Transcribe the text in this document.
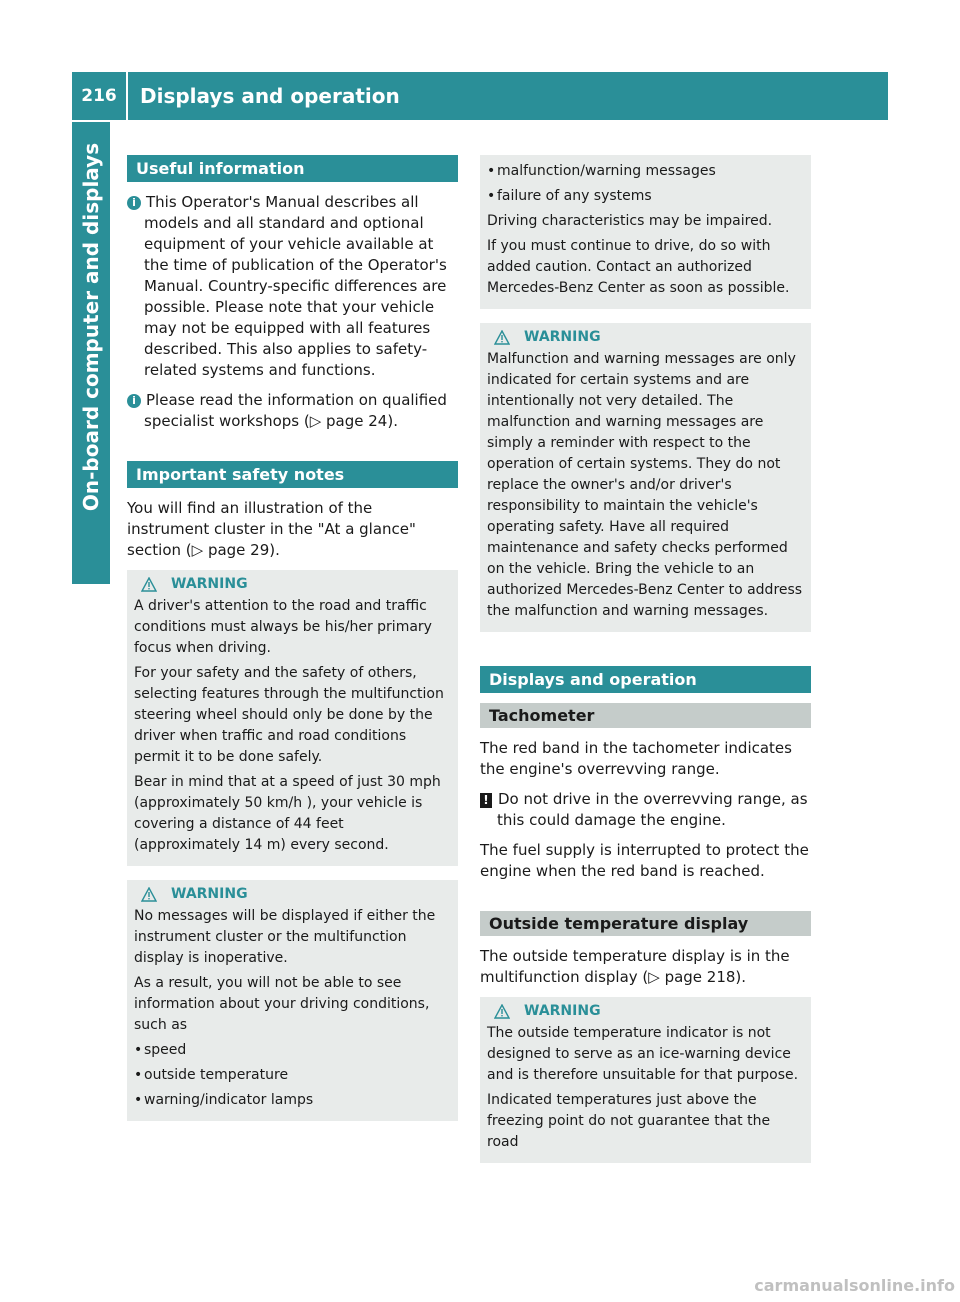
216	Displays and operation
On-board computer and displays	Useful information

i This Operator's Manual describes all models and all standard and optional equipment of your vehicle available at the time of publication of the Operator's Manual. Country-specific differences are possible. Please note that your vehicle may not be equipped with all features described. This also applies to safety-related systems and functions.

i Please read the information on qualified specialist workshops (▷ page 24).

Important safety notes

You will find an illustration of the instrument cluster in the "At a glance" section (▷ page 29).

WARNING

A driver's attention to the road and traffic conditions must always be his/her primary focus when driving.

For your safety and the safety of others, selecting features through the multifunction steering wheel should only be done by the driver when traffic and road conditions permit it to be done safely.

Bear in mind that at a speed of just 30 mph (approximately 50 km/h ), your vehicle is covering a distance of 44 feet (approximately 14 m) every second.

WARNING

No messages will be displayed if either the instrument cluster or the multifunction display is inoperative.

As a result, you will not be able to see information about your driving conditions, such as

• speed
• outside temperature
• warning/indicator lamps
• malfunction/warning messages
• failure of any systems

Driving characteristics may be impaired.

If you must continue to drive, do so with added caution. Contact an authorized Mercedes-Benz Center as soon as possible.

WARNING

Malfunction and warning messages are only indicated for certain systems and are intentionally not very detailed. The malfunction and warning messages are simply a reminder with respect to the operation of certain systems. They do not replace the owner's and/or driver's responsibility to maintain the vehicle's operating safety. Have all required maintenance and safety checks performed on the vehicle. Bring the vehicle to an authorized Mercedes-Benz Center to address the malfunction and warning messages.

Displays and operation
Tachometer

The red band in the tachometer indicates the engine's overrevving range.

! Do not drive in the overrevving range, as this could damage the engine.

The fuel supply is interrupted to protect the engine when the red band is reached.

Outside temperature display

The outside temperature display is in the multifunction display (▷ page 218).

WARNING

The outside temperature indicator is not designed to serve as an ice-warning device and is therefore unsuitable for that purpose.

Indicated temperatures just above the freezing point do not guarantee that the road

carmanualsonline.info
